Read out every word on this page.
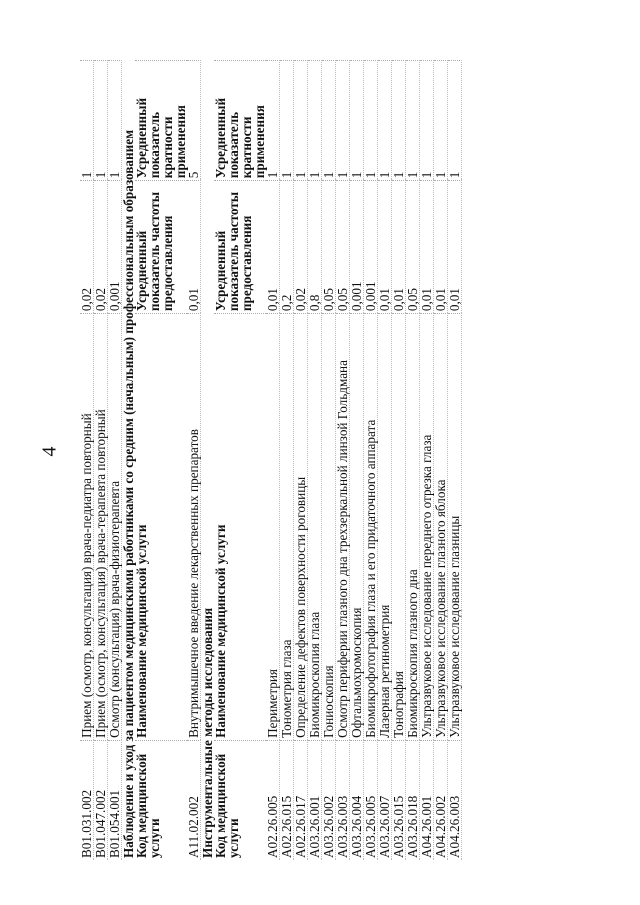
4
B01.031.002	Прием (осмотр, консультация) врача-педиатра повторный	0,02	1
B01.047.002	Прием (осмотр, консультация) врача-терапевта повторный	0,02	1
B01.054.001	Осмотр (консультация) врача-физиотерапевта	0,001	1
Наблюдение и уход за пациентом медицинскими работниками со средним (начальным) профессиональным образованием			
Код медицинской услуги	Наименование медицинской услуги	Усредненный показатель частоты предоставления	Усредненный показатель кратности применения
A11.02.002	Внутримышечное введение лекарственных препаратов	0,01	5
Инструментальные методы исследования			
Код медицинской услуги	Наименование медицинской услуги	Усредненный показатель частоты предоставления	Усредненный показатель кратности применения
A02.26.005	Периметрия	0,01	1
A02.26.015	Тонометрия глаза	0,2	1
A02.26.017	Определение дефектов поверхности роговицы	0,02	1
A03.26.001	Биомикроскопия глаза	0,8	1
A03.26.002	Гониоскопия	0,05	1
A03.26.003	Осмотр периферии глазного дна трехзеркальной линзой Гольдмана	0,05	1
A03.26.004	Офтальмохромоскопия	0,001	1
A03.26.005	Биомикрофотография глаза и его придаточного аппарата	0,001	1
A03.26.007	Лазерная ретинометрия	0,01	1
A03.26.015	Тонография	0,01	1
A03.26.018	Биомикроскопия глазного дна	0,05	1
A04.26.001	Ультразвуковое исследование переднего отрезка глаза	0,01	1
A04.26.002	Ультразвуковое исследование глазного яблока	0,01	1
A04.26.003	Ультразвуковое исследование глазницы	0,01	1
